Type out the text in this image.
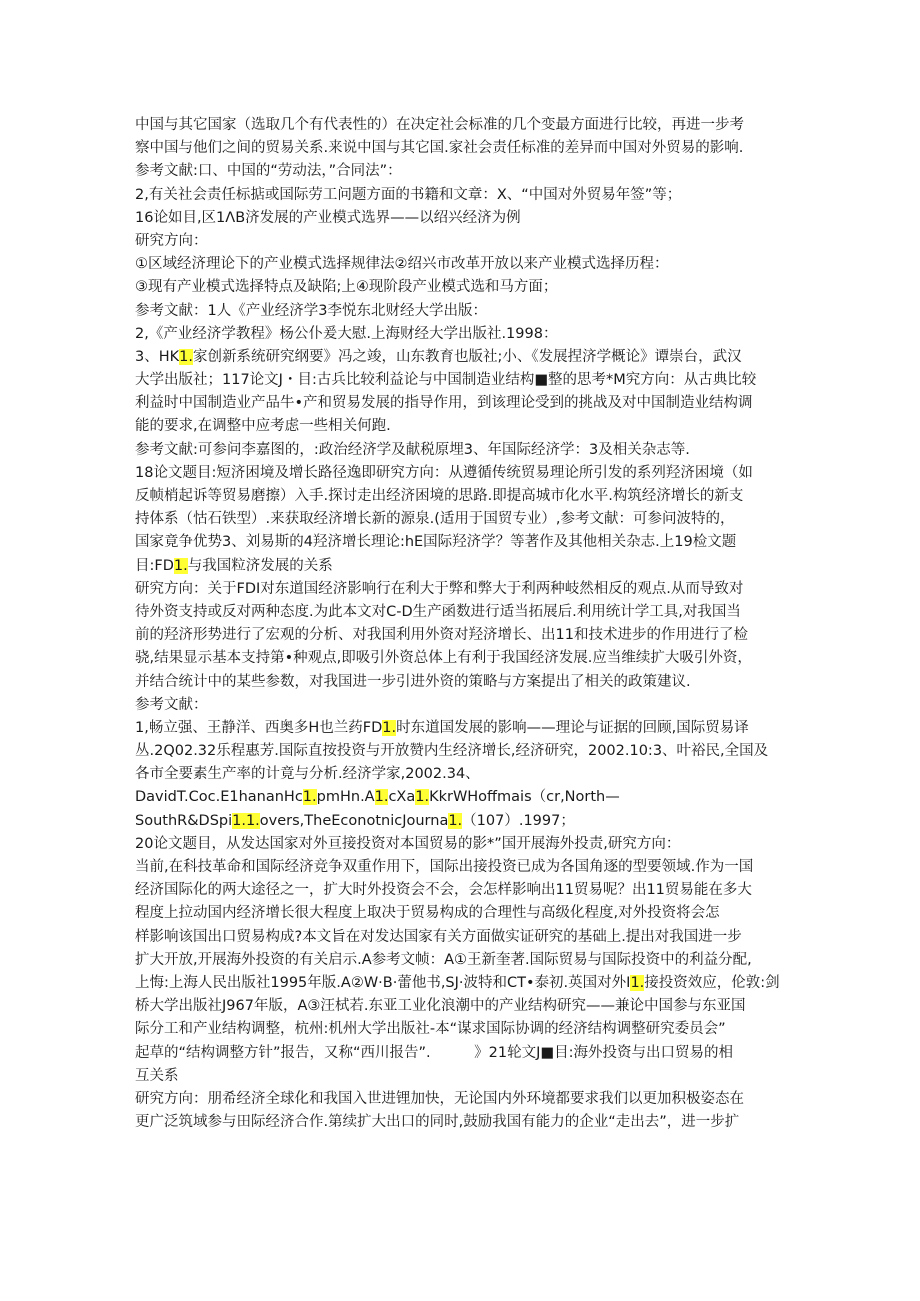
中国与其它国家（选取几个有代表性的）在决定社会标准的几个变最方面进行比较，再进一步考
察中国与他们之间的贸易关系.来说中国与其它国.家社会责任标准的差异而中国对外贸易的影响.
参考文献:口、中国的“劳动法，”合同法”：
2,有关社会责任标掂或国际劳工问题方面的书籍和文章：X、“中国对外贸易年签”等；
16论如目,区1ΛB济发展的产业模式选界——以绍兴经济为例
研究方向：
①区域经济理论下的产业模式选择规律法②绍兴市改革开放以来产业模式选择历程：
③现有产业模式选择特点及缺陷;上④现阶段产业模式选和马方面；
参考文献：1人《产业经济学3李悦东北财经大学出版：
2,《产业经济学教程》杨公仆爰大慰.上海财经大学出版社.1998：
3、HK1.家创新系统研究纲要》冯之竣，山东教育也版社;小、《发展捏济学概论》谭崇台，武汉
大学出版社；117论文J・目:古兵比较利益论与中国制造业结构■整的思考*M究方向：从古典比较
利益时中国制造业产品牛•产和贸易发展的指导作用，到该理论受到的挑战及对中国制造业结构调
能的要求,在调整中应考虑一些相关何跑.
参考文献:可参问李嘉图的，:政治经济学及献税原埋3、年国际经济学：3及相关杂志等.
18论文题目:短济困境及增长路径逸即研究方向：从遵循传统贸易理论所引发的系列羟济困境（如
反帧梢起诉等贸易磨擦）入手.探讨走出经济困境的思路.即提高城市化水平.构筑经济增长的新支
持体系（怙石铁型）.来获取经济增长新的源泉.(适用于国贸专业）,参考文献：可参问波特的，
国家竟争优势3、刘易斯的4羟济增长理论:hE国际羟济学？等著作及其他相关杂志.上19检文题
目:FD1.与我国粒济发展的关系
研究方向：关于FDI对东道国经济影响行在利大于弊和弊大于利两种岐然相反的观点.从而导致对
待外资支持或反对两种态度.为此本文对C-D生产函数进行适当拓展后.利用统计学工具,对我国当
前的羟济形势进行了宏观的分析、对我国利用外资对羟济增长、出11和技术进步的作用进行了检
骁,结果显示基本支持第•种观点,即吸引外资总体上有利于我国经济发展.应当维续扩大吸引外资，
并结合统计中的某些参数，对我国进一步引进外资的策略与方案提出了相关的政策建议.
参考文献：
1,畅立强、王静洋、西奥多H也兰药FD1.时东道国发展的影响——理论与证据的回顾,国际贸易译
丛.2Q02.32乐程惠芳.国际直按投资与开放赞内生经济增长,经济研究，2002.10:3、叶裕民,全国及
各市全要素生产率的计竟与分析.经济学家,2002.34、
DavidT.Coc.E1hananHc1.pmHn.A1.cXa1.KkrWHoffmais（cr,North—
SouthR&DSpi1.1.overs,TheEconotnicJourna1.（107）.1997；
20论文题目，从发达国家对外亘接投资对本国贸易的影*”国开展海外投责,研究方向：
当前,在科技革命和国际经济竞争双重作用下，国际出接投资已成为各国角逐的型要领域.作为一国
经济国际化的两大途径之一，扩大时外投资会不会，会怎样影响出11贸易呢？出11贸易能在多大
程度上拉动国内经济增长很大程度上取决于贸易构成的合理性与高级化程度,对外投资将会怎
样影响该国出口贸易构成?本文旨在对发达国家有关方面做实证研究的基础上.提出对我国进一步
扩大开放,开展海外投资的有关启示.A参考文帧：A①王新奎著.国际贸易与国际投资中的利益分配,
上悔:上海人民出版社1995年版.A②W·B·蕾他书,SJ·波特和CT•泰初.英国对外I1.接投资效应，伦敦:剑
桥大学出版社J967年版，A③汪栻若.东亚工业化浪潮中的产业结构研究——兼论中国参与东亚国
际分工和产业结构调整，杭州:机州大学出版社-本“谋求国际协调的经济结构调整研究委员会”
起草的“结构调整方针”报告，又称“西川报告”.　　　》21轮文J■目:海外投资与出口贸易的相
互关系
研究方向：朋希经济全球化和我国入世进锂加快，无论国内外环境都要求我们以更加积极姿态在
更广泛筑域参与田际经济合作.第续扩大出口的同时,鼓励我国有能力的企业“走出去”，进一步扩
